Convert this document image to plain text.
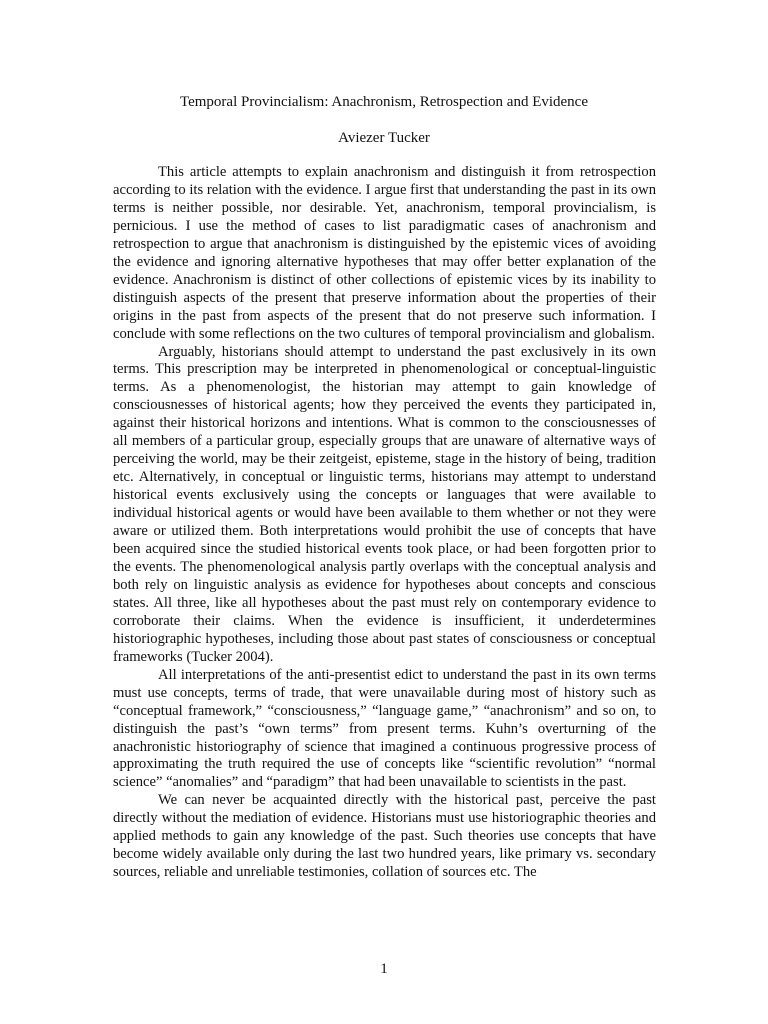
Temporal Provincialism: Anachronism, Retrospection and Evidence
Aviezer Tucker

This article attempts to explain anachronism and distinguish it from retrospection according to its relation with the evidence. I argue first that understanding the past in its own terms is neither possible, nor desirable. Yet, anachronism, temporal provincialism, is pernicious. I use the method of cases to list paradigmatic cases of anachronism and retrospection to argue that anachronism is distinguished by the epistemic vices of avoiding the evidence and ignoring alternative hypotheses that may offer better explanation of the evidence. Anachronism is distinct of other collections of epistemic vices by its inability to distinguish aspects of the present that preserve information about the properties of their origins in the past from aspects of the present that do not preserve such information. I conclude with some reflections on the two cultures of temporal provincialism and globalism.

Arguably, historians should attempt to understand the past exclusively in its own terms. This prescription may be interpreted in phenomenological or conceptual-linguistic terms. As a phenomenologist, the historian may attempt to gain knowledge of consciousnesses of historical agents; how they perceived the events they participated in, against their historical horizons and intentions. What is common to the consciousnesses of all members of a particular group, especially groups that are unaware of alternative ways of perceiving the world, may be their zeitgeist, episteme, stage in the history of being, tradition etc. Alternatively, in conceptual or linguistic terms, historians may attempt to understand historical events exclusively using the concepts or languages that were available to individual historical agents or would have been available to them whether or not they were aware or utilized them. Both interpretations would prohibit the use of concepts that have been acquired since the studied historical events took place, or had been forgotten prior to the events. The phenomenological analysis partly overlaps with the conceptual analysis and both rely on linguistic analysis as evidence for hypotheses about concepts and conscious states. All three, like all hypotheses about the past must rely on contemporary evidence to corroborate their claims. When the evidence is insufficient, it underdetermines historiographic hypotheses, including those about past states of consciousness or conceptual frameworks (Tucker 2004).

All interpretations of the anti-presentist edict to understand the past in its own terms must use concepts, terms of trade, that were unavailable during most of history such as “conceptual framework,” “consciousness,” “language game,” “anachronism” and so on, to distinguish the past’s “own terms” from present terms. Kuhn’s overturning of the anachronistic historiography of science that imagined a continuous progressive process of approximating the truth required the use of concepts like “scientific revolution” “normal science” “anomalies” and “paradigm” that had been unavailable to scientists in the past.

We can never be acquainted directly with the historical past, perceive the past directly without the mediation of evidence. Historians must use historiographic theories and applied methods to gain any knowledge of the past. Such theories use concepts that have become widely available only during the last two hundred years, like primary vs. secondary sources, reliable and unreliable testimonies, collation of sources etc. The

1
